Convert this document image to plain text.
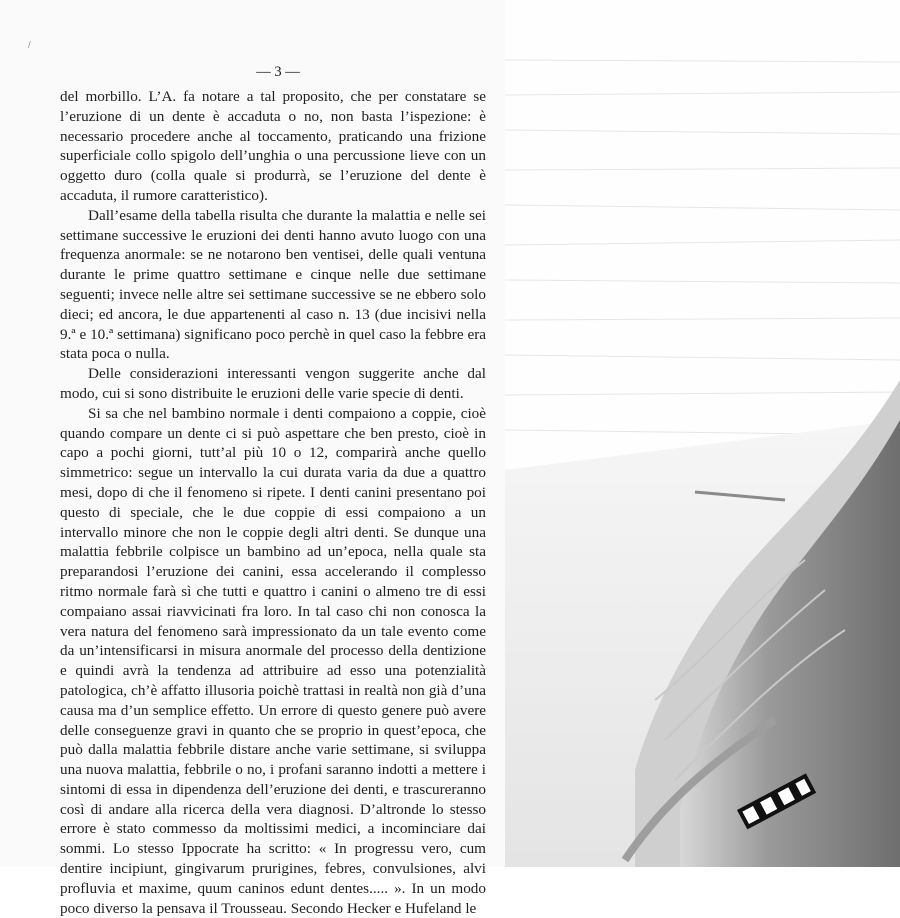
— 3 —

del morbillo. L’A. fa notare a tal proposito, che per constatare se l’eruzione di un dente è accaduta o no, non basta l’ispezione: è necessario procedere anche al toccamento, praticando una frizione superficiale collo spigolo dell’unghia o una percussione lieve con un oggetto duro (colla quale si produrrà, se l’eruzione del dente è accaduta, il rumore caratteristico).

Dall’esame della tabella risulta che durante la malattia e nelle sei settimane successive le eruzioni dei denti hanno avuto luogo con una frequenza anormale: se ne notarono ben ventisei, delle quali ventuna durante le prime quattro settimane e cinque nelle due settimane seguenti; invece nelle altre sei settimane successive se ne ebbero solo dieci; ed ancora, le due appartenenti al caso n. 13 (due incisivi nella 9.ª e 10.ª settimana) significano poco perchè in quel caso la febbre era stata poca o nulla.

Delle considerazioni interessanti vengon suggerite anche dal modo, cui si sono distribuite le eruzioni delle varie specie di denti.

Si sa che nel bambino normale i denti compaiono a coppie, cioè quando compare un dente ci si può aspettare che ben presto, cioè in capo a pochi giorni, tutt’al più 10 o 12, comparirà anche quello simmetrico: segue un intervallo la cui durata varia da due a quattro mesi, dopo di che il fenomeno si ripete. I denti canini presentano poi questo di speciale, che le due coppie di essi compaiono a un intervallo minore che non le coppie degli altri denti. Se dunque una malattia febbrile colpisce un bambino ad un’epoca, nella quale sta preparandosi l’eruzione dei canini, essa accelerando il complesso ritmo normale farà sì che tutti e quattro i canini o almeno tre di essi compaiano assai riavvicinati fra loro. In tal caso chi non conosca la vera natura del fenomeno sarà impressionato da un tale evento come da un’intensificarsi in misura anormale del processo della dentizione e quindi avrà la tendenza ad attribuire ad esso una potenzialità patologica, ch’è affatto illusoria poichè trattasi in realtà non già d’una causa ma d’un semplice effetto. Un errore di questo genere può avere delle conseguenze gravi in quanto che se proprio in quest’epoca, che può dalla malattia febbrile distare anche varie settimane, si sviluppa una nuova malattia, febbrile o no, i profani saranno indotti a mettere i sintomi di essa in dipendenza dell’eruzione dei denti, e trascureranno così di andare alla ricerca della vera diagnosi. D’altronde lo stesso errore è stato commesso da moltissimi medici, a incominciare dai sommi. Lo stesso Ippocrate ha scritto: « In progressu vero, cum dentire incipiunt, gingivarum prurigines, febres, convulsiones, alvi profluvia et maxime, quum caninos edunt dentes..... ». In un modo poco diverso la pensava il Trousseau. Secondo Hecker e Hufeland le

/
